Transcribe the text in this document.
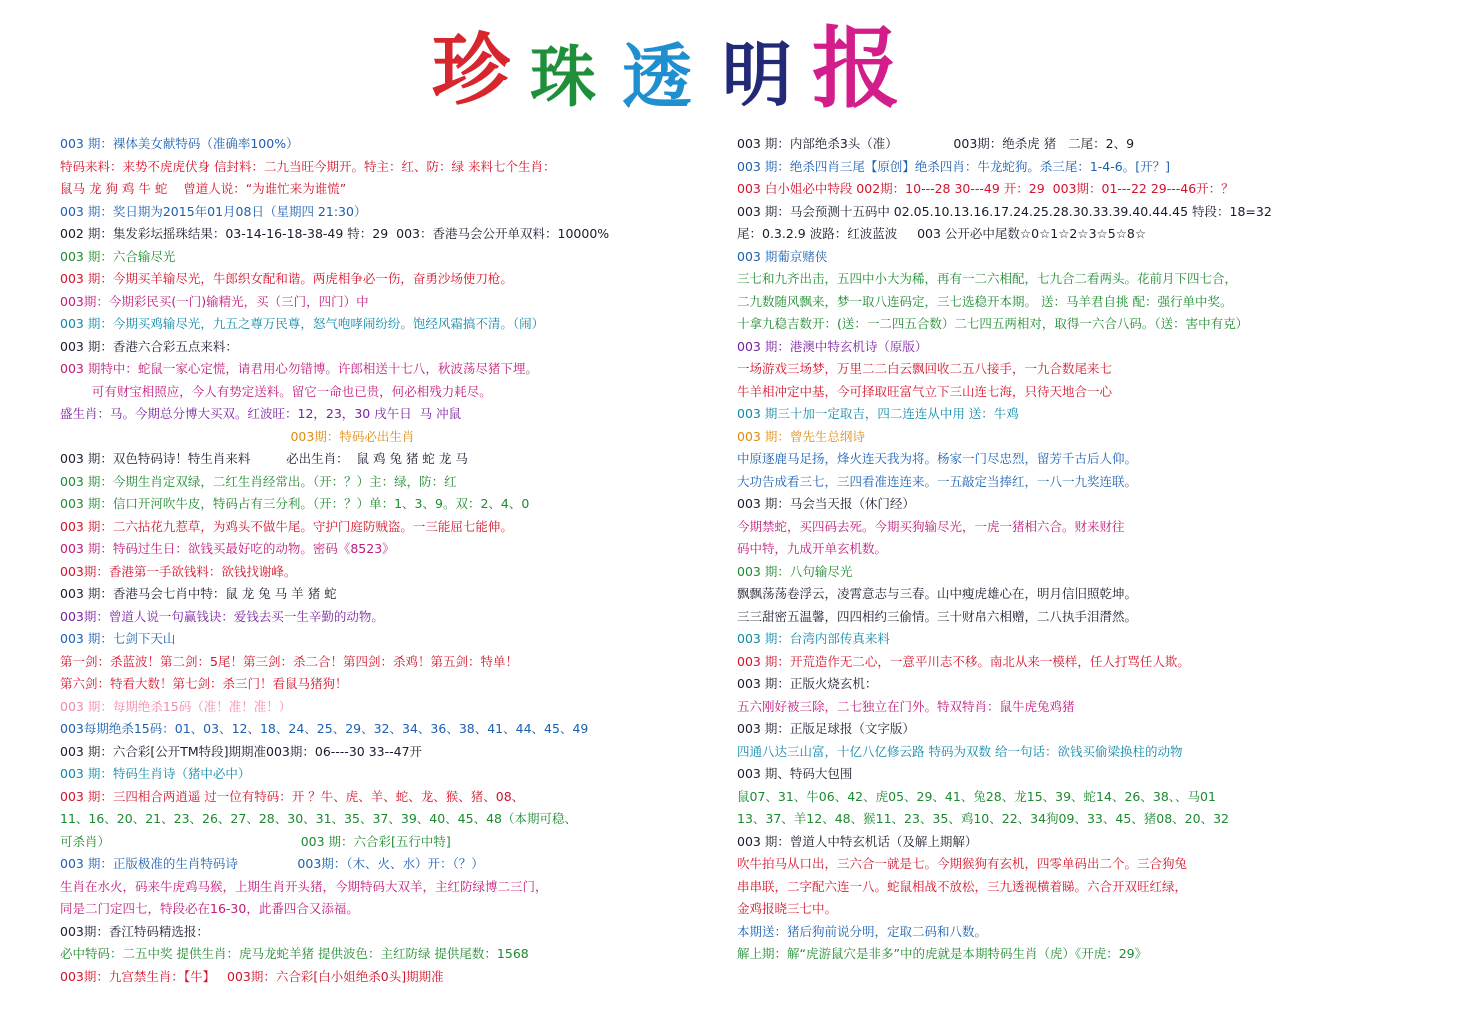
珍 珠 透 明 报
003 期：裸体美女献特码（准确率100%）
特码来料：来势不虎虎伏身 信封料：二九当旺今期开。特主：红、防：绿 来料七个生肖：
鼠马 龙 狗 鸡 牛 蛇    曾道人说：“为谁忙来为谁慌”
003 期：奖日期为2015年01月08日（星期四 21:30）
002 期：集发彩坛摇珠结果：03-14-16-18-38-49 特：29  003：香港马会公开单双料：10000%
003 期：六合输尽光
003 期：今期买羊输尽光，牛郎织女配和谐。两虎相争必一伤，奋勇沙场使刀枪。
003期：今期彩民买(一门)输精光，买（三门，四门）中
003 期：今期买鸡输尽光，九五之尊万民尊，怒气咆哮闹纷纷。饱经风霜搞不清。（闹）
003 期：香港六合彩五点来料：
003 期特中：蛇鼠一家心定慌，请君用心勿错博。许郎相送十七八，秋波荡尽猪下埋。
可有财宝相照应，今人有势定送料。留它一命也已贵，何必相残力耗尽。
盛生肖：马。今期总分博大买双。红波旺：12，23，30 戌午日  马 冲鼠
003期：特码必出生肖
003 期：双色特码诗！特生肖来料         必出生肖：  鼠 鸡 兔 猪 蛇 龙 马
003 期：今期生肖定双绿，二红生肖经常出。（开：？）主：绿，防：红
003 期：信口开河吹牛皮，特码占有三分利。（开：？）单：1、3、9。双：2、4、0
003 期：二六拈花九惹草，为鸡头不做牛尾。守护门庭防贼盗。一三能屈七能伸。
003 期：特码过生日：欲钱买最好吃的动物。密码《8523》
003期：香港第一手欲钱料：欲钱找谢峰。
003 期：香港马会七肖中特：鼠 龙 兔 马 羊 猪 蛇
003期：曾道人说一句赢钱诀：爱钱去买一生辛勤的动物。
003 期：七剑下天山
第一剑：杀蓝波！第二剑：5尾！第三剑：杀二合！第四剑：杀鸡！第五剑：特单！
第六剑：特看大数！第七剑：杀三门！看鼠马猪狗！
003 期：每期绝杀15码（准！准！准！）
003每期绝杀15码：01、03、12、18、24、25、29、32、34、36、38、41、44、45、49
003 期：六合彩[公开TM特段]期期准003期：06----30 33--47开
003 期：特码生肖诗（猪中必中）
003 期：三四相合两逍遥 过一位有特码：开 ？牛、虎、羊、蛇、龙、猴、猪、08、
11、16、20、21、23、26、27、28、30、31、35、37、39、40、45、48（本期可稳、
可杀肖）                                                003 期：六合彩[五行中特]
003 期：正版极准的生肖特码诗               003期：（木、火、水）开：（？）
生肖在水火，码来牛虎鸡马猴，上期生肖开头猪，今期特码大双羊，主红防绿博二三门，
同是二门定四七，特段必在16-30，此番四合又添福。
003期：香江特码精选报：
必中特码：二五中奖 提供生肖：虎马龙蛇羊猪 提供波色：主红防绿 提供尾数：1568
003期：九宫禁生肖：【牛】   003期：六合彩[白小姐绝杀0头]期期准
003 期：内部绝杀3头（准）              003期：绝杀虎 猪   二尾：2、9
003 期：绝杀四肖三尾【原创】绝杀四肖：牛龙蛇狗。杀三尾：1-4-6。[开？]
003 白小姐必中特段 002期：10---28 30---49 开：29  003期：01---22 29---46开：？
003 期：马会预测十五码中 02.05.10.13.16.17.24.25.28.30.33.39.40.44.45 特段：18=32
尾：0.3.2.9 波路：红波蓝波     003 公开必中尾数☆0☆1☆2☆3☆5☆8☆
003 期葡京赌侠
三七和九齐出击，五四中小大为稀，再有一二六相配，七九合二看两头。花前月下四七合，
二九数随风飘来，梦一取八连码定，三七选稳开本期。 送：马羊君自挑 配：强行单中奖。
十拿九稳吉数开：(送：一二四五合数）二七四五两相对，取得一六合八码。（送：害中有克）
003 期：港澳中特玄机诗（原版）
一场游戏三场梦，万里二二白云飘回收二五八接手，一九合数尾来七
牛羊相冲定中基，今可择取旺富气立下三山连七海，只待天地合一心
003 期三十加一定取吉，四二连连从中用 送：牛鸡
003 期：曾先生总纲诗
中原逐鹿马足扬，烽火连天我为将。杨家一门尽忠烈，留芳千古后人仰。
大功告成看三七，三四看准连连来。一五敲定当捧红，一八一九奖连联。
003 期：马会当天报（休门经）
今期禁蛇，买四码去死。今期买狗输尽光，一虎一猪相六合。财来财往
码中特，九成开单玄机数。
003 期：八句输尽光
飘飘荡荡卷浮云，凌霄意志与三春。山中瘦虎雄心在，明月信旧照乾坤。
三三甜密五温馨，四四相约三偷情。三十财帛六相赠，二八执手泪潸然。
003 期：台湾内部传真来料
003 期：开荒造作无二心，一意平川志不移。南北从来一模样，任人打骂任人欺。
003 期：正版火烧玄机：
五六刚好被三除，二七独立在门外。特双特肖：鼠牛虎兔鸡猪
003 期：正版足球报（文字版）
四通八达三山富，十亿八亿修云路 特码为双数 给一句话：欲钱买偷梁换柱的动物
003 期、特码大包围
鼠07、31、牛06、42、虎05、29、41、兔28、龙15、39、蛇14、26、38、、马01
13、37、羊12、48、猴11、23、35、鸡10、22、34狗09、33、45、猪08、20、32
003 期：曾道人中特玄机话（及解上期解）
吹牛拍马从口出，三六合一就是七。今期猴狗有玄机，四零单码出二个。三合狗兔
串串联，二字配六连一八。蛇鼠相战不放松，三九透视横着睇。六合开双旺红绿，
金鸡报晓三七中。
本期送：猪后狗前说分明，定取二码和八数。
解上期：解“虎游鼠穴是非多”中的虎就是本期特码生肖（虎）《开虎：29》
